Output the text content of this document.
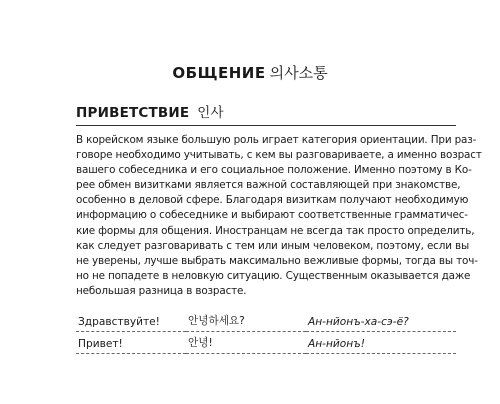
ОБЩЕНИЕ 의사소통
ПРИВЕТСТВИЕ 인사

В корейском языке большую роль играет категория ориентации. При раз-
говоре необходимо учитывать, с кем вы разговариваете, а именно возраст
вашего собеседника и его социальное положение. Именно поэтому в Ко-
рее обмен визитками является важной составляющей при знакомстве,
особенно в деловой сфере. Благодаря визиткам получают необходимую
информацию о собеседнике и выбирают соответственные грамматичес-
кие формы для общения. Иностранцам не всегда так просто определить,
как следует разговаривать с тем или иным человеком, поэтому, если вы
не уверены, лучше выбрать максимально вежливые формы, тогда вы точ-
но не попадете в неловкую ситуацию. Существенным оказывается даже
небольшая разница в возрасте.

Здравствуйте!	안녕하세요?	Ан-нйонъ-ха-сэ-ё?
Привет!	안녕!	Ан-нйонъ!
